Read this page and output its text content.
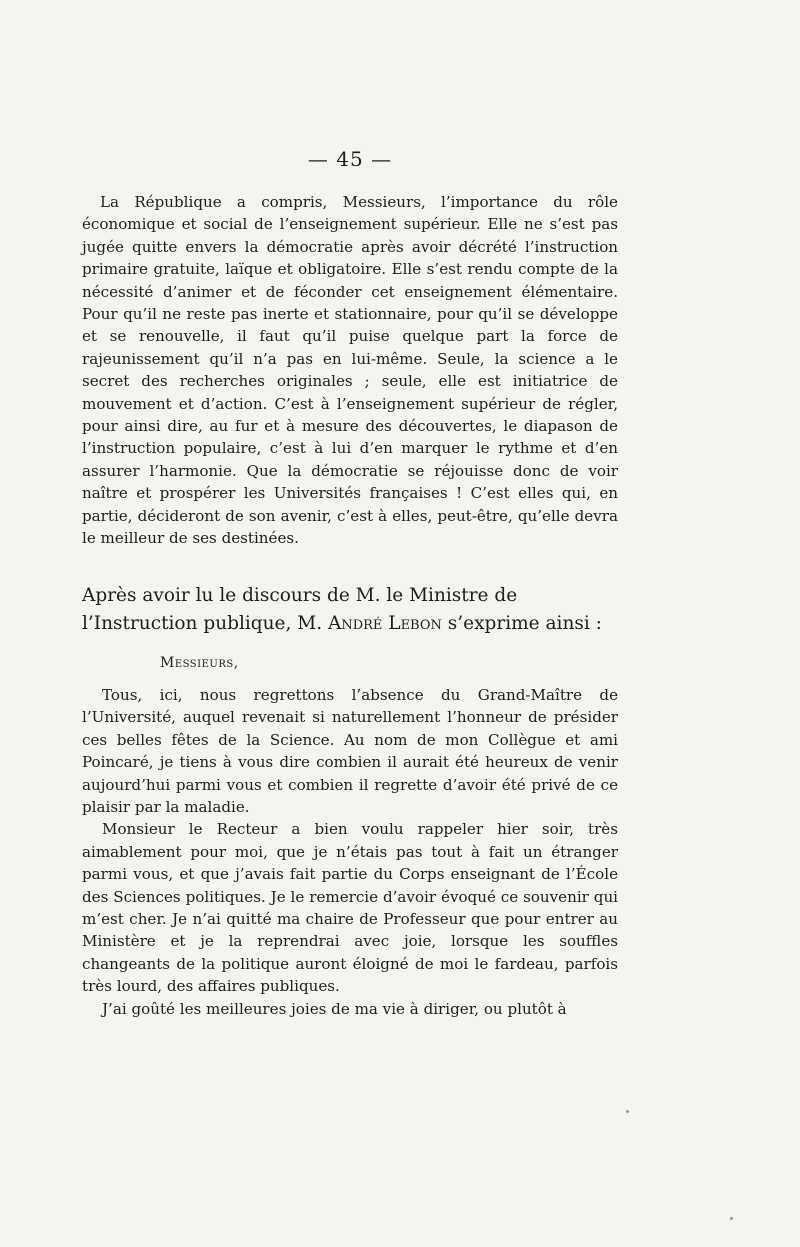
— 45 —

La République a compris, Messieurs, l’importance du rôle économique et social de l’enseignement supérieur. Elle ne s’est pas jugée quitte envers la démocratie après avoir décrété l’instruction primaire gratuite, laïque et obligatoire. Elle s’est rendu compte de la nécessité d’animer et de féconder cet enseignement élémentaire. Pour qu’il ne reste pas inerte et stationnaire, pour qu’il se développe et se renouvelle, il faut qu’il puise quelque part la force de rajeunissement qu’il n’a pas en lui-même. Seule, la science a le secret des recherches originales ; seule, elle est initiatrice de mouvement et d’action. C’est à l’enseignement supérieur de régler, pour ainsi dire, au fur et à mesure des découvertes, le diapason de l’instruction populaire, c’est à lui d’en marquer le rythme et d’en assurer l’harmonie. Que la démocratie se réjouisse donc de voir naître et prospérer les Universités françaises ! C’est elles qui, en partie, décideront de son avenir, c’est à elles, peut-être, qu’elle devra le meilleur de ses destinées.

Après avoir lu le discours de M. le Ministre de l’Instruction publique, M. André Lebon s’exprime ainsi :
Messieurs,

Tous, ici, nous regrettons l’absence du Grand-Maître de l’Université, auquel revenait si naturellement l’honneur de présider ces belles fêtes de la Science. Au nom de mon Collègue et ami Poincaré, je tiens à vous dire combien il aurait été heureux de venir aujourd’hui parmi vous et combien il regrette d’avoir été privé de ce plaisir par la maladie.

Monsieur le Recteur a bien voulu rappeler hier soir, très aimablement pour moi, que je n’étais pas tout à fait un étranger parmi vous, et que j’avais fait partie du Corps enseignant de l’École des Sciences politiques. Je le remercie d’avoir évoqué ce souvenir qui m’est cher. Je n’ai quitté ma chaire de Professeur que pour entrer au Ministère et je la reprendrai avec joie, lorsque les souffles changeants de la politique auront éloigné de moi le fardeau, parfois très lourd, des affaires publiques.

J’ai goûté les meilleures joies de ma vie à diriger, ou plutôt à
